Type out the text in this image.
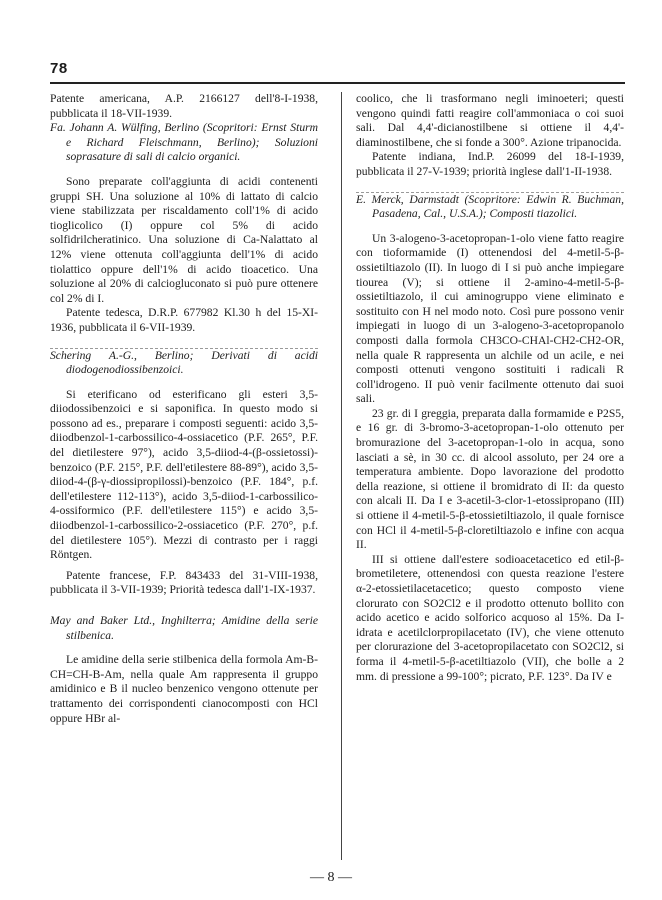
78

Patente americana, A.P. 2166127 dell'8-I-1938, pubblicata il 18-VII-1939.

Fa. Johann A. Wülfing, Berlino (Scopritori: Ernst Sturm e Richard Fleischmann, Berlino); Soluzioni soprasature di sali di calcio organici.

Sono preparate coll'aggiunta di acidi contenenti gruppi SH. Una soluzione al 10% di lattato di calcio viene stabilizzata per riscaldamento coll'1% di acido tioglicolico (I) oppure col 5% di acido solfidrilcheratinico. Una soluzione di Ca-Nalattato al 12% viene ottenuta coll'aggiunta dell'1% di acido tiolattico oppure dell'1% di acido tioacetico. Una soluzione al 20% di calciogluconato si può pure ottenere col 2% di I.

Patente tedesca, D.R.P. 677982 Kl.30 h del 15-XI-1936, pubblicata il 6-VII-1939.

Schering A.-G., Berlino; Derivati di acidi diodogenodiossibenzoici.

Si eterificano od esterificano gli esteri 3,5-diiodossibenzoici e si saponifica. In questo modo si possono ad es., preparare i composti seguenti: acido 3,5-diiodbenzol-1-carbossilico-4-ossiacetico (P.F. 265°, P.F. del dietilestere 97°), acido 3,5-diiod-4-(β-ossietossi)-benzoico (P.F. 215°, P.F. dell'etilestere 88-89°), acido 3,5-diiod-4-(β-γ-diossipropilossi)-benzoico (P.F. 184°, p.f. dell'etilestere 112-113°), acido 3,5-diiod-1-carbossilico-4-ossiformico (P.F. dell'etilestere 115°) e acido 3,5-diiodbenzol-1-carbossilico-2-ossiacetico (P.F. 270°, p.f. del dietilestere 105°). Mezzi di contrasto per i raggi Röntgen.

Patente francese, F.P. 843433 del 31-VIII-1938, pubblicata il 3-VII-1939; Priorità tedesca dall'1-IX-1937.

May and Baker Ltd., Inghilterra; Amidine della serie stilbenica.

Le amidine della serie stilbenica della formola Am-B-CH=CH-B-Am, nella quale Am rappresenta il gruppo amidinico e B il nucleo benzenico vengono ottenute per trattamento dei corrispondenti cianocomposti con HCl oppure HBr al-

coolico, che li trasformano negli iminoeteri; questi vengono quindi fatti reagire coll'ammoniaca o coi suoi sali. Dal 4,4'-dicianostilbene si ottiene il 4,4'-diaminostilbene, che si fonde a 300°. Azione tripanocida.

Patente indiana, Ind.P. 26099 del 18-I-1939, pubblicata il 27-V-1939; priorità inglese dall'1-II-1938.

E. Merck, Darmstadt (Scopritore: Edwin R. Buchman, Pasadena, Cal., U.S.A.); Composti tiazolici.

Un 3-alogeno-3-acetopropan-1-olo viene fatto reagire con tioformamide (I) ottenendosi del 4-metil-5-β-ossietiltiazolo (II). In luogo di I si può anche impiegare tiourea (V); si ottiene il 2-amino-4-metil-5-β-ossietiltiazolo, il cui aminogruppo viene eliminato e sostituito con H nel modo noto. Così pure possono venir impiegati in luogo di un 3-alogeno-3-acetopropanolo composti dalla formola CH3CO-CHAl-CH2-CH2-OR, nella quale R rappresenta un alchile od un acile, e nei composti ottenuti vengono sostituiti i radicali R coll'idrogeno. II può venir facilmente ottenuto dai suoi sali.

23 gr. di I greggia, preparata dalla formamide e P2S5, e 16 gr. di 3-bromo-3-acetopropan-1-olo ottenuto per bromurazione del 3-acetopropan-1-olo in acqua, sono lasciati a sè, in 30 cc. di alcool assoluto, per 24 ore a temperatura ambiente. Dopo lavorazione del prodotto della reazione, si ottiene il bromidrato di II: da questo con alcali II. Da I e 3-acetil-3-clor-1-etossipropano (III) si ottiene il 4-metil-5-β-etossietiltiazolo, il quale fornisce con HCl il 4-metil-5-β-cloretiltiazolo e infine con acqua II.

III si ottiene dall'estere sodioacetacetico ed etil-β-brometiletere, ottenendosi con questa reazione l'estere α-2-etossietilacetacetico; questo composto viene clorurato con SO2Cl2 e il prodotto ottenuto bollito con acido acetico e acido solforico acquoso al 15%. Da I-idrata e acetilclorpropilacetato (IV), che viene ottenuto per clorurazione del 3-acetopropilacetato con SO2Cl2, si forma il 4-metil-5-β-acetiltiazolo (VII), che bolle a 2 mm. di pressione a 99-100°; picrato, P.F. 123°. Da IV e

— 8 —
